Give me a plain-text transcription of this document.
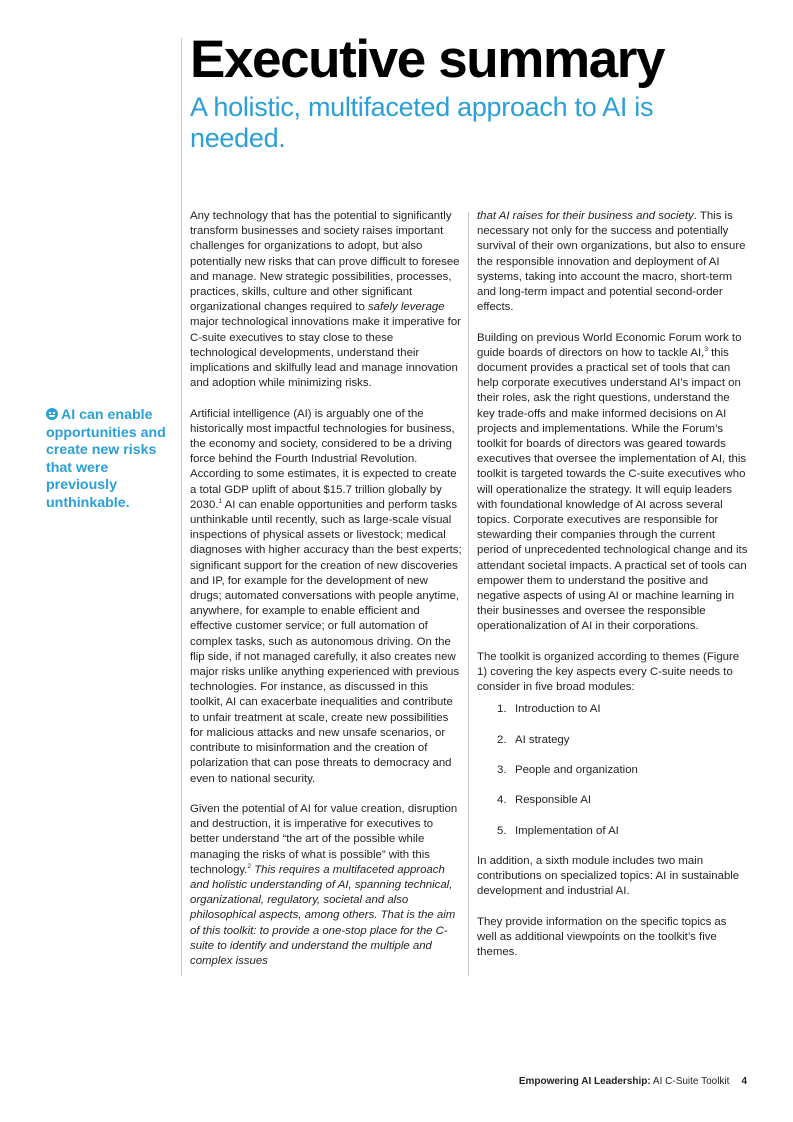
Executive summary
A holistic, multifaceted approach to AI is needed.
AI can enable opportunities and create new risks that were previously unthinkable.

Any technology that has the potential to significantly transform businesses and society raises important challenges for organizations to adopt, but also potentially new risks that can prove difficult to foresee and manage. New strategic possibilities, processes, practices, skills, culture and other significant organizational changes required to safely leverage major technological innovations make it imperative for C-suite executives to stay close to these technological developments, understand their implications and skilfully lead and manage innovation and adoption while minimizing risks.

Artificial intelligence (AI) is arguably one of the historically most impactful technologies for business, the economy and society, considered to be a driving force behind the Fourth Industrial Revolution. According to some estimates, it is expected to create a total GDP uplift of about $15.7 trillion globally by 2030.$^1$ AI can enable opportunities and perform tasks unthinkable until recently, such as large-scale visual inspections of physical assets or livestock; medical diagnoses with higher accuracy than the best experts; significant support for the creation of new discoveries and IP, for example for the development of new drugs; automated conversations with people anytime, anywhere, for example to enable efficient and effective customer service; or full automation of complex tasks, such as autonomous driving. On the flip side, if not managed carefully, it also creates new major risks unlike anything experienced with previous technologies. For instance, as discussed in this toolkit, AI can exacerbate inequalities and contribute to unfair treatment at scale, create new possibilities for malicious attacks and new unsafe scenarios, or contribute to misinformation and the creation of polarization that can pose threats to democracy and even to national security.

Given the potential of AI for value creation, disruption and destruction, it is imperative for executives to better understand “the art of the possible while managing the risks of what is possible” with this technology.$^2$ This requires a multifaceted approach and holistic understanding of AI, spanning technical, organizational, regulatory, societal and also philosophical aspects, among others. That is the aim of this toolkit: to provide a one-stop place for the C-suite to identify and understand the multiple and complex issues

that AI raises for their business and society. This is necessary not only for the success and potentially survival of their own organizations, but also to ensure the responsible innovation and deployment of AI systems, taking into account the macro, short-term and long-term impact and potential second-order effects.

Building on previous World Economic Forum work to guide boards of directors on how to tackle AI,$^3$ this document provides a practical set of tools that can help corporate executives understand AI’s impact on their roles, ask the right questions, understand the key trade-offs and make informed decisions on AI projects and implementations. While the Forum’s toolkit for boards of directors was geared towards executives that oversee the implementation of AI, this toolkit is targeted towards the C-suite executives who will operationalize the strategy. It will equip leaders with foundational knowledge of AI across several topics. Corporate executives are responsible for stewarding their companies through the current period of unprecedented technological change and its attendant societal impacts. A practical set of tools can empower them to understand the positive and negative aspects of using AI or machine learning in their businesses and oversee the responsible operationalization of AI in their corporations.

The toolkit is organized according to themes (Figure 1) covering the key aspects every C-suite needs to consider in five broad modules:

1. Introduction to AI
2. AI strategy
3. People and organization
4. Responsible AI
5. Implementation of AI

In addition, a sixth module includes two main contributions on specialized topics: AI in sustainable development and industrial AI.

They provide information on the specific topics as well as additional viewpoints on the toolkit’s five themes.

Empowering AI Leadership: AI C-Suite Toolkit 4
